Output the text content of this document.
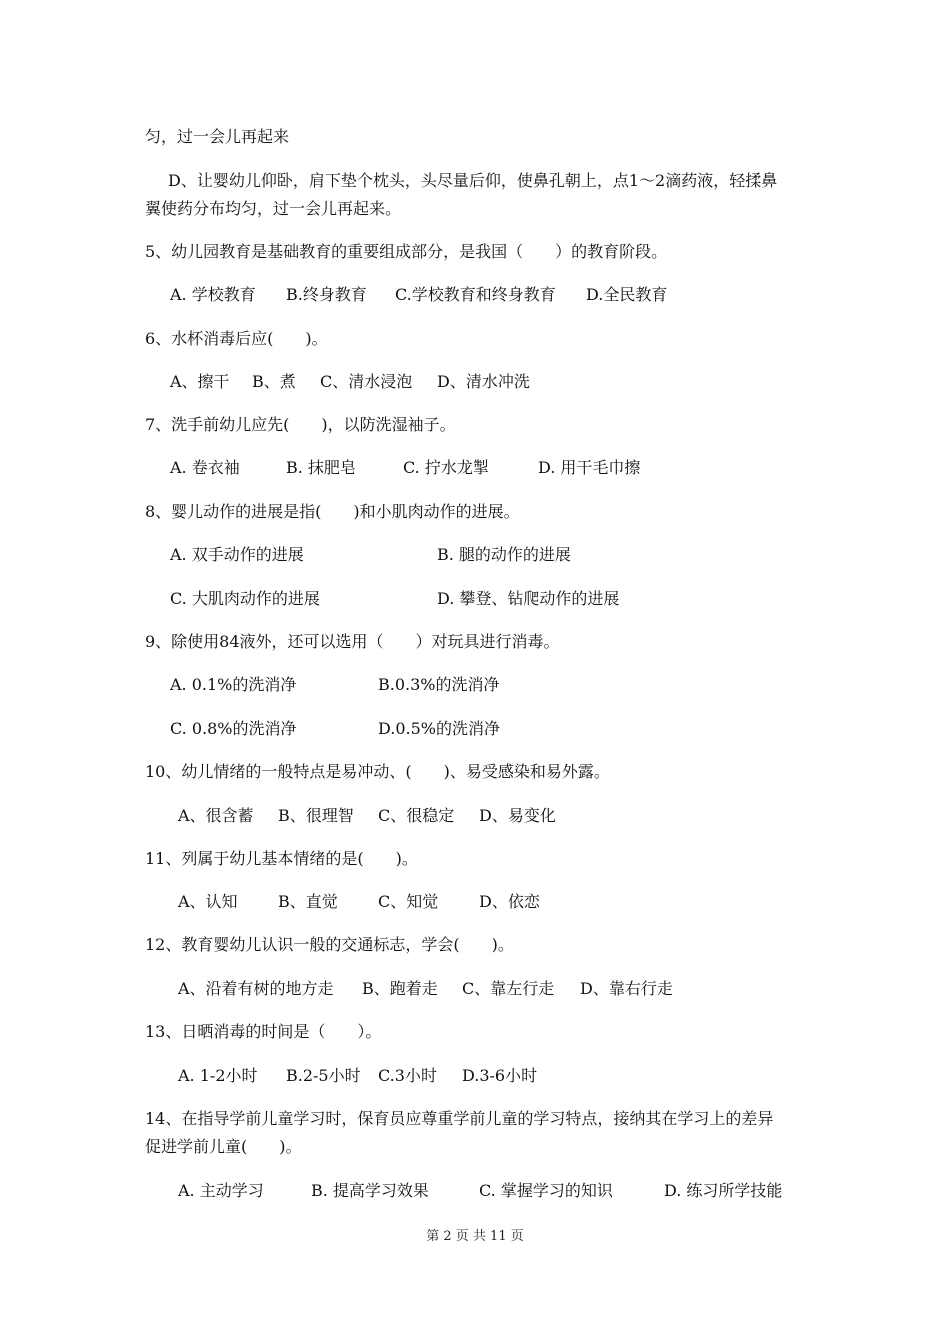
匀，过一会儿再起来
D、让婴幼儿仰卧，肩下垫个枕头，头尽量后仰，使鼻孔朝上，点1～2滴药液，轻揉鼻
翼使药分布均匀，过一会儿再起来。
5、幼儿园教育是基础教育的重要组成部分，是我国（　　）的教育阶段。
A. 学校教育 B.终身教育 C.学校教育和终身教育 D.全民教育
6、水杯消毒后应(　　)。
A、擦干 B、煮 C、清水浸泡 D、清水冲洗
7、洗手前幼儿应先(　　)，以防洗湿袖子。
A. 卷衣袖	B. 抹肥皂	C. 拧水龙掣	D. 用干毛巾擦
8、婴儿动作的进展是指(　　)和小肌肉动作的进展。
A. 双手动作的进展	B. 腿的动作的进展
C. 大肌肉动作的进展	D. 攀登、钻爬动作的进展
9、除使用84液外，还可以选用（　　）对玩具进行消毒。
A. 0.1%的洗消净	B.0.3%的洗消净
C. 0.8%的洗消净	D.0.5%的洗消净
10、幼儿情绪的一般特点是易冲动、(　　)、易受感染和易外露。
A、很含蓄 B、很理智 C、很稳定 D、易变化
11、列属于幼儿基本情绪的是(　　)。
A、认知	B、直觉	C、知觉	D、依恋
12、教育婴幼儿认识一般的交通标志，学会(　　)。
A、沿着有树的地方走 B、跑着走 C、靠左行走 D、靠右行走
13、日晒消毒的时间是（　　）。
A. 1-2小时 B.2-5小时 C.3小时 D.3-6小时
14、在指导学前儿童学习时，保育员应尊重学前儿童的学习特点，接纳其在学习上的差异
促进学前儿童(　　)。
A. 主动学习	B. 提高学习效果	C. 掌握学习的知识	D. 练习所学技能
第 2 页 共 11 页
